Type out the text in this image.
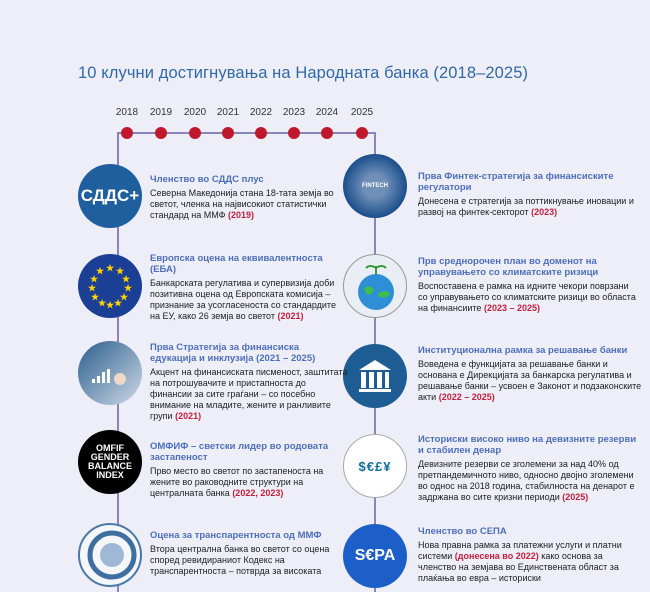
10 клучни достигнувања на Народната банка (2018–2025)
2018 2019 2020 2021 2022 2023 2024 2025
СДДС+
★ ★
★
★
★
★
★
★
★
★
★
★
OMFIF GENDER BALANCE INDEX
FINTECH
$€£¥
S€PA
Членство во СДДС плус

Северна Македонија стана 18-тата земја во светот, членка на највисокиот статистички стандард на ММФ (2019)

Европска оцена на еквивалентноста (ЕБА)

Банкарската регулатива и супервизија доби позитивна оцена од Европската комисија – признание за усогласеноста со стандардите на ЕУ, како 26 земја во светот (2021)

Прва Стратегија за финансиска едукација и инклузија (2021 – 2025)

Акцент на финансиската писменост, заштитата на потрошувачите и пристапноста до финансии за сите граѓани – со посебно внимание на младите, жените и ранливите групи (2021)

ОМФИФ – светски лидер во родовата застапеност

Прво место во светот по застапеноста на жените во раководните структури на централната банка (2022, 2023)

Оцена за транспарентноста од ММФ

Втора централна банка во светот со оцена според ревидираниот Кодекс на транспарентноста – потврда за високата

Прва Финтек-стратегија за финансиските регулатори

Донесена е стратегија за поттикнување иновации и развој на финтек-секторот (2023)

Прв среднорочен план во доменот на управувањето со климатските ризици

Воспоставена е рамка на идните чекори поврзани со управувањето со климатските ризици во областа на финансиите (2023 – 2025)

Институционална рамка за решавање банки

Воведена е функцијата за решавање банки и основана е Дирекцијата за банкарска регулатива и решавање банки – усвоен е Законот и подзаконските акти (2022 – 2025)

Историски високо ниво на девизните резерви и стабилен денар

Девизните резерви се зголемени за над 40% од претпандемичното ниво, односно двојно зголемени во однос на 2018 година, стабилноста на денарот е задржана во сите кризни периоди (2025)

Членство во СЕПА

Нова правна рамка за платежни услуги и платни системи (донесена во 2022) како основа за членство на земјава во Единствената област за плаќања во евра – историски
